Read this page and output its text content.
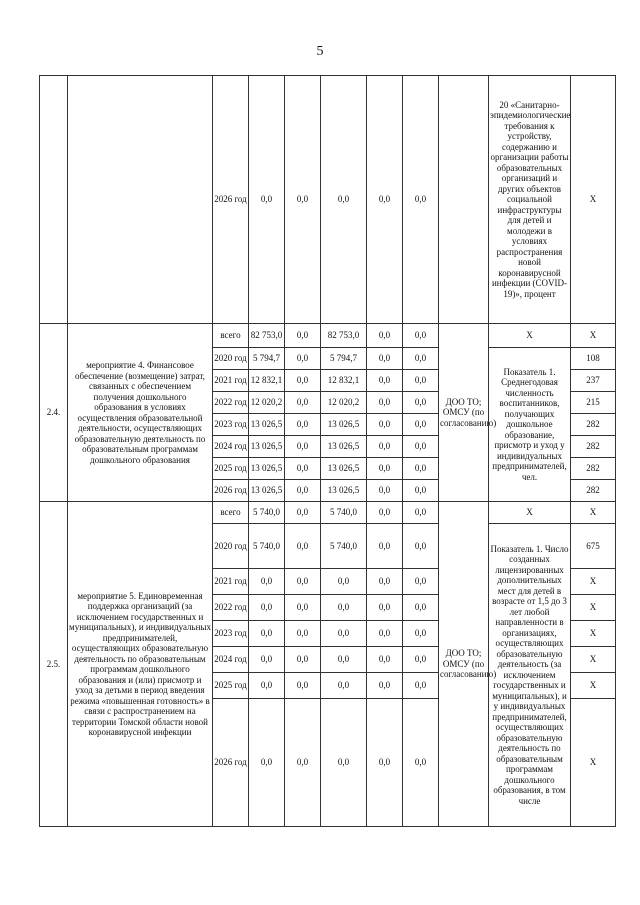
5
		2026 год	0,0	0,0	0,0	0,0	0,0		20 «Санитарно-эпидемиологические требования к устройству, содержанию и организации работы образовательных организаций и других объектов социальной инфраструктуры для детей и молодежи в условиях распространения новой коронавирусной инфекции (COVID-19)», процент	X
2.4.	мероприятие 4. Финансовое обеспечение (возмещение) затрат, связанных с обеспечением получения дошкольного образования в условиях осуществления образовательной деятельности, осуществляющих образовательную деятельность по образовательным программам дошкольного образования	всего	82 753,0	0,0	82 753,0	0,0	0,0	ДОО ТО; ОМСУ (по согласованию)	X	X
		2020 год	5 794,7	0,0	5 794,7	0,0	0,0		Показатель 1. Среднегодовая численность воспитанников, получающих дошкольное образование, присмотр и уход у индивидуальных предпринимателей, чел.	108
		2021 год	12 832,1	0,0	12 832,1	0,0	0,0			237
		2022 год	12 020,2	0,0	12 020,2	0,0	0,0			215
		2023 год	13 026,5	0,0	13 026,5	0,0	0,0			282
		2024 год	13 026,5	0,0	13 026,5	0,0	0,0			282
		2025 год	13 026,5	0,0	13 026,5	0,0	0,0			282
		2026 год	13 026,5	0,0	13 026,5	0,0	0,0			282
2.5.	мероприятие 5. Единовременная поддержка организаций (за исключением государственных и муниципальных), и индивидуальных предпринимателей, осуществляющих образовательную деятельность по образовательным программам дошкольного образования и (или) присмотр и уход за детьми в период введения режима «повышенная готовность» в связи с распространением на территории Томской области новой коронавирусной инфекции	всего	5 740,0	0,0	5 740,0	0,0	0,0	ДОО ТО; ОМСУ (по согласованию)	X	X
		2020 год	5 740,0	0,0	5 740,0	0,0	0,0		Показатель 1. Число созданных лицензированных дополнительных мест для детей в возрасте от 1,5 до 3 лет любой направленности в организациях, осуществляющих образовательную деятельность (за исключением государственных и муниципальных), и у индивидуальных предпринимателей, осуществляющих образовательную деятельность по образовательным программам дошкольного образования, в том числе	675
		2021 год	0,0	0,0	0,0	0,0	0,0			X
		2022 год	0,0	0,0	0,0	0,0	0,0			X
		2023 год	0,0	0,0	0,0	0,0	0,0			X
		2024 год	0,0	0,0	0,0	0,0	0,0			X
		2025 год	0,0	0,0	0,0	0,0	0,0			X
		2026 год	0,0	0,0	0,0	0,0	0,0			X
